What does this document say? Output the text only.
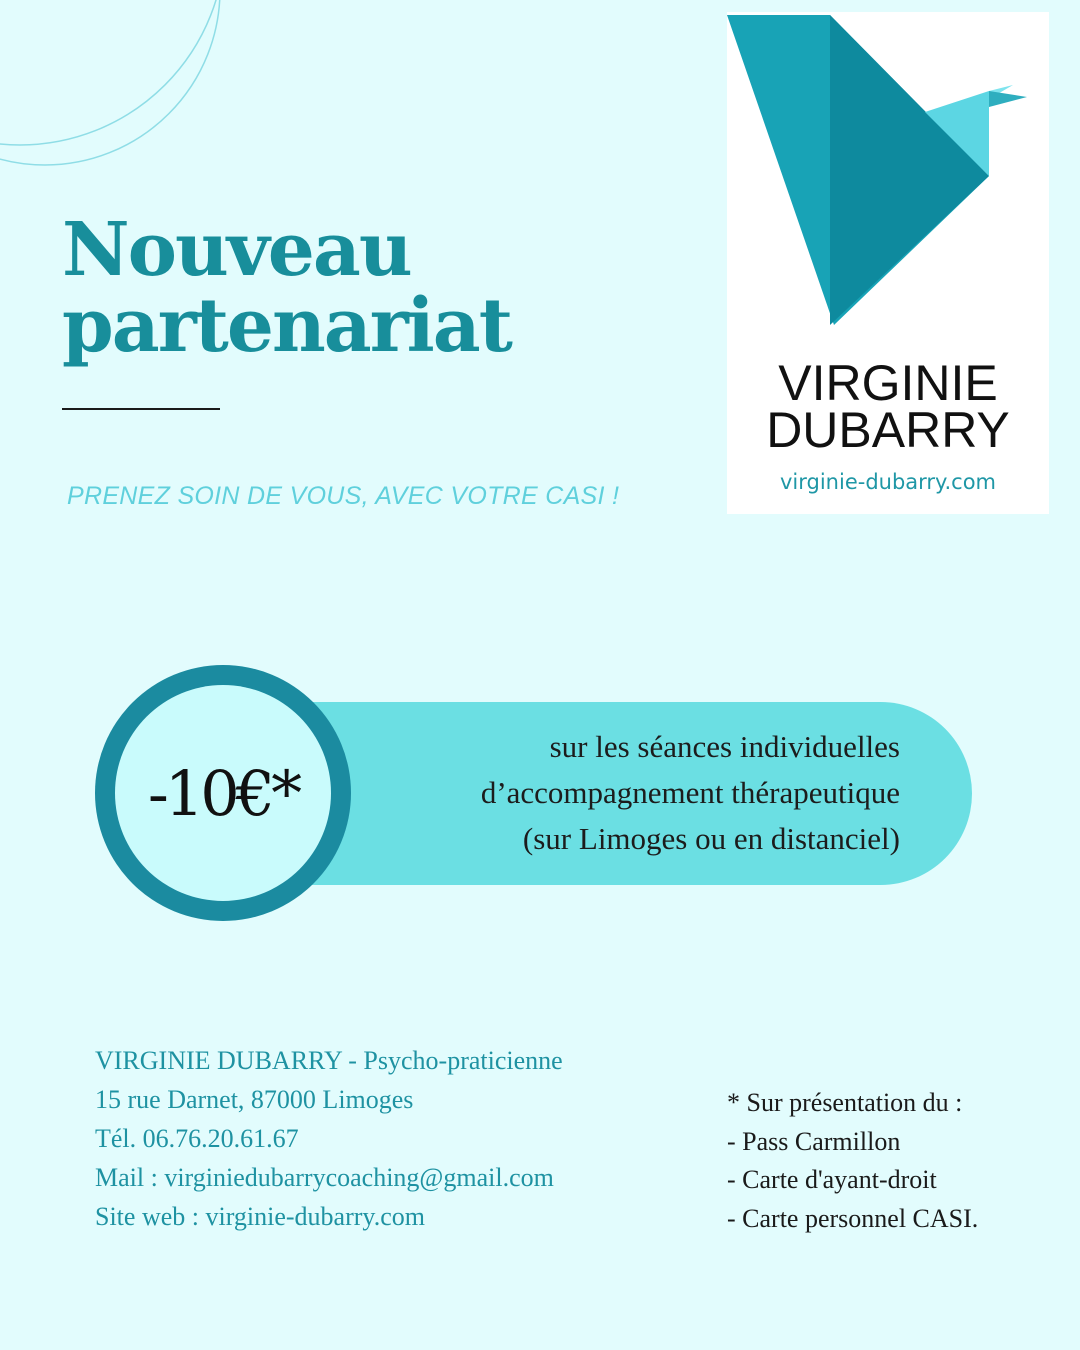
Nouveau
partenariat
PRENEZ SOIN DE VOUS, AVEC VOTRE CASI !
VIRGINIE
DUBARRY
virginie-dubarry.com
sur les séances individuelles
d’accompagnement thérapeutique
(sur Limoges ou en distanciel)
-10€*
VIRGINIE DUBARRY - Psycho-praticienne
15 rue Darnet, 87000 Limoges
Tél. 06.76.20.61.67
Mail : virginiedubarrycoaching@gmail.com
Site web : virginie-dubarry.com
* Sur présentation du :
- Pass Carmillon
- Carte d'ayant-droit
- Carte personnel CASI.
